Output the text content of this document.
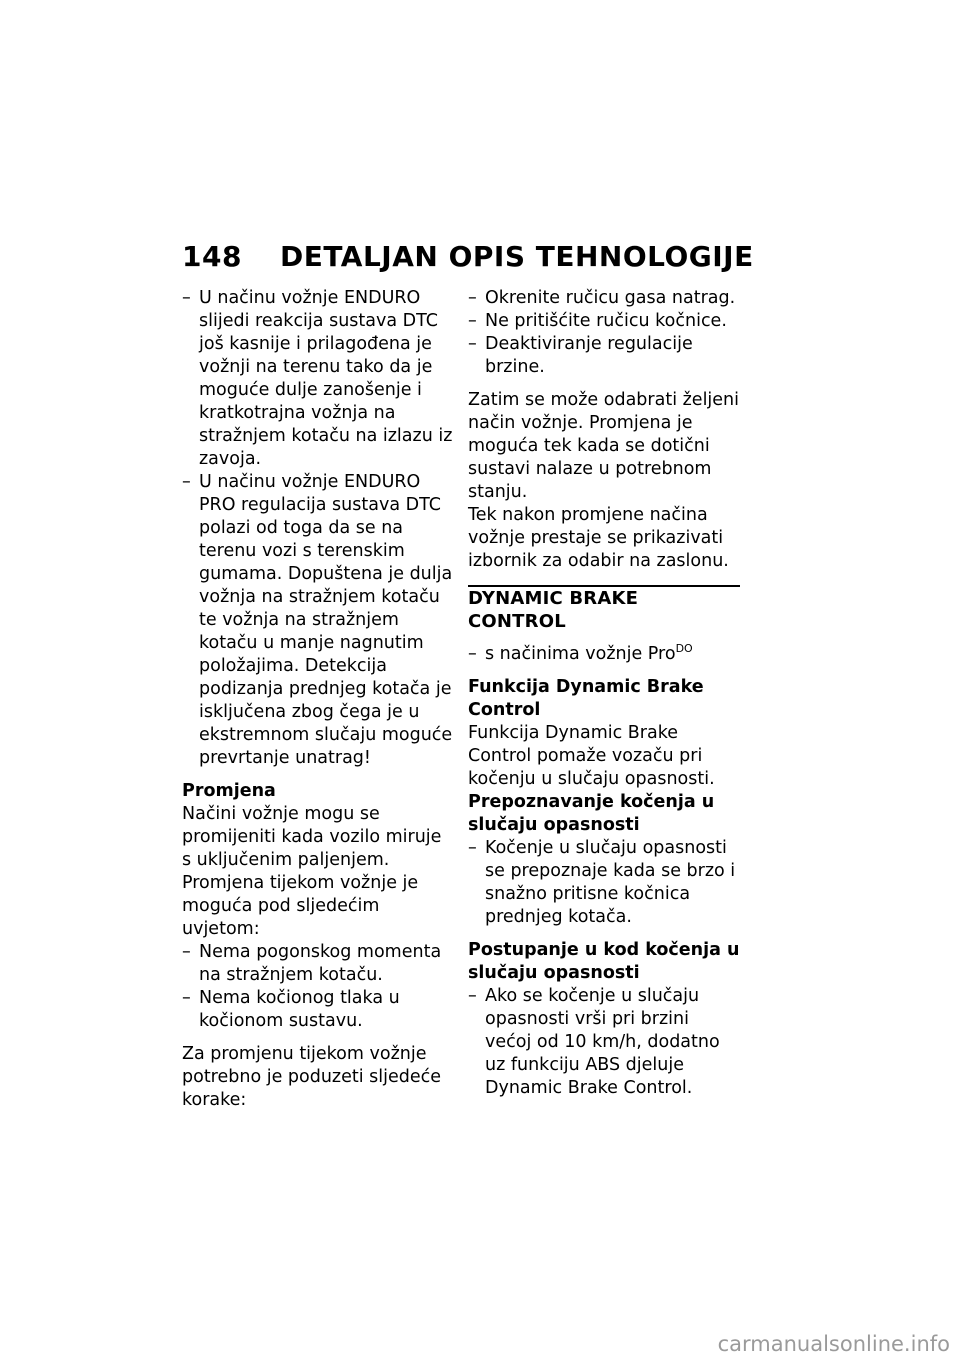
148 DETALJAN OPIS TEHNOLOGIJE
– U načinu vožnje ENDURO slijedi reakcija sustava DTC još kasnije i prilagođena je vožnji na terenu tako da je moguće dulje zanošenje i kratkotrajna vožnja na stražnjem kotaču na izlazu iz zavoja.
– U načinu vožnje ENDURO PRO regulacija sustava DTC polazi od toga da se na terenu vozi s terenskim gumama. Dopuštena je dulja vožnja na stražnjem kotaču te vožnja na stražnjem kotaču u manje nagnutim položajima. Detekcija podizanja prednjeg kotača je isključena zbog čega je u ekstremnom slučaju moguće prevrtanje unatrag!

Promjena

Načini vožnje mogu se promijeniti kada vozilo miruje s uključenim paljenjem. Promjena tijekom vožnje je moguća pod sljedećim uvjetom:

– Nema pogonskog momenta na stražnjem kotaču.
– Nema kočionog tlaka u kočionom sustavu.

Za promjenu tijekom vožnje potrebno je poduzeti sljedeće korake:

– Okrenite ručicu gasa natrag.
– Ne pritišćite ručicu kočnice.
– Deaktiviranje regulacije brzine.

Zatim se može odabrati željeni način vožnje. Promjena je moguća tek kada se dotični sustavi nalaze u potrebnom stanju.

Tek nakon promjene načina vožnje prestaje se prikazivati izbornik za odabir na zaslonu.

DYNAMIC BRAKE CONTROL

– s načinima vožnje Pro$^{DO}$

Funkcija Dynamic Brake Control

Funkcija Dynamic Brake Control pomaže vozaču pri kočenju u slučaju opasnosti.

Prepoznavanje kočenja u slučaju opasnosti

– Kočenje u slučaju opasnosti se prepoznaje kada se brzo i snažno pritisne kočnica prednjeg kotača.

Postupanje u kod kočenja u slučaju opasnosti

– Ako se kočenje u slučaju opasnosti vrši pri brzini većoj od 10 km/h, dodatno uz funkciju ABS djeluje Dynamic Brake Control.
carmanualsonline.info
